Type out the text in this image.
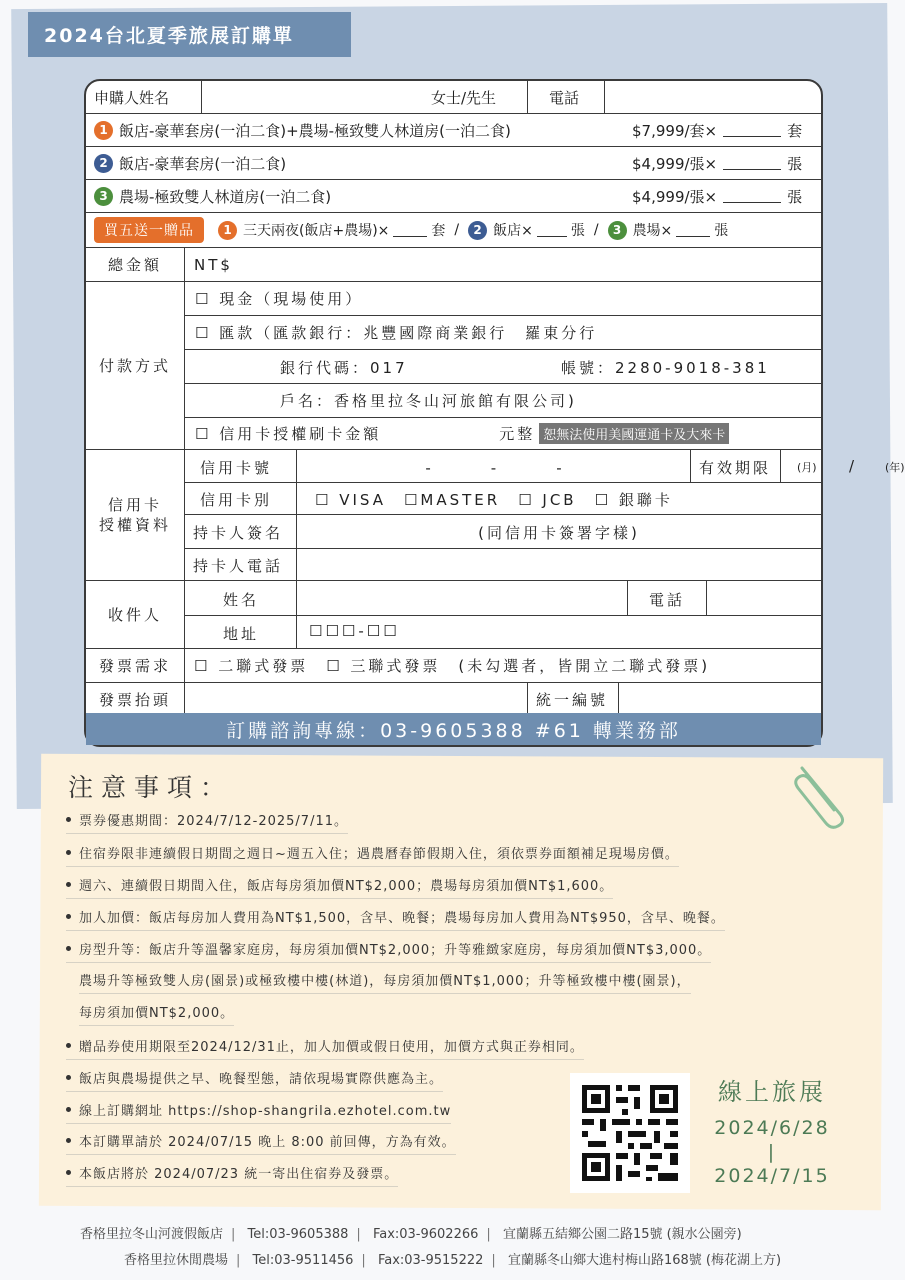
2024台北夏季旅展訂購單
申購人姓名	女士/先生	電話
1 飯店-豪華套房(一泊二食)+農場-極致雙人林道房(一泊二食)	$7,999/套×	套
2 飯店-豪華套房(一泊二食)	$4,999/張×	張
3 農場-極致雙人林道房(一泊二食)	$4,999/張×	張
買五送一贈品	1 三天兩夜(飯店+農場)×	套 /	2 飯店×	張 /	3 農場×	張
總金額	NT$
付款方式
☐ 現金（現場使用）
☐ 匯款（匯款銀行：兆豐國際商業銀行　羅東分行
銀行代碼：017	帳號：2280-9018-381
戶名：香格里拉冬山河旅館有限公司)
☐ 信用卡授權刷卡金額	元整 恕無法使用美國運通卡及大來卡
信用卡
授權資料
信用卡號	-　　　　-　　　　-	有效期限 (月) /	(年)
信用卡別	☐ VISA　☐MASTER　☐ JCB　☐ 銀聯卡
持卡人簽名	(同信用卡簽署字樣)
持卡人電話
收件人
姓名	電話
地址	☐☐☐-☐☐
發票需求	☐ 二聯式發票　☐ 三聯式發票　(未勾選者，皆開立二聯式發票)
發票抬頭	統一編號
訂購諮詢專線：03-9605388 #61 轉業務部
注意事項：
票券優惠期間：2024/7/12-2025/7/11。
住宿券限非連續假日期間之週日~週五入住；遇農曆春節假期入住，須依票券面額補足現場房價。
週六、連續假日期間入住，飯店每房須加價NT$2,000；農場每房須加價NT$1,600。
加人加價：飯店每房加人費用為NT$1,500，含早、晚餐；農場每房加人費用為NT$950，含早、晚餐。
房型升等：飯店升等溫馨家庭房，每房須加價NT$2,000；升等雅緻家庭房，每房須加價NT$3,000。
農場升等極致雙人房(園景)或極致樓中樓(林道)，每房須加價NT$1,000；升等極致樓中樓(園景)，
每房須加價NT$2,000。
贈品券使用期限至2024/12/31止，加人加價或假日使用，加價方式與正券相同。
飯店與農場提供之早、晚餐型態，請依現場實際供應為主。
線上訂購網址 https://shop-shangrila.ezhotel.com.tw
本訂購單請於 2024/07/15 晚上 8:00 前回傳，方為有效。
本飯店將於 2024/07/23 統一寄出住宿券及發票。
線上旅展
2024/6/28
|
2024/7/15
香格里拉冬山河渡假飯店 | Tel:03-9605388 | Fax:03-9602266 | 宜蘭縣五結鄉公園二路15號 (親水公園旁)
香格里拉休閒農場 | Tel:03-9511456 | Fax:03-9515222 | 宜蘭縣冬山鄉大進村梅山路168號 (梅花湖上方)
